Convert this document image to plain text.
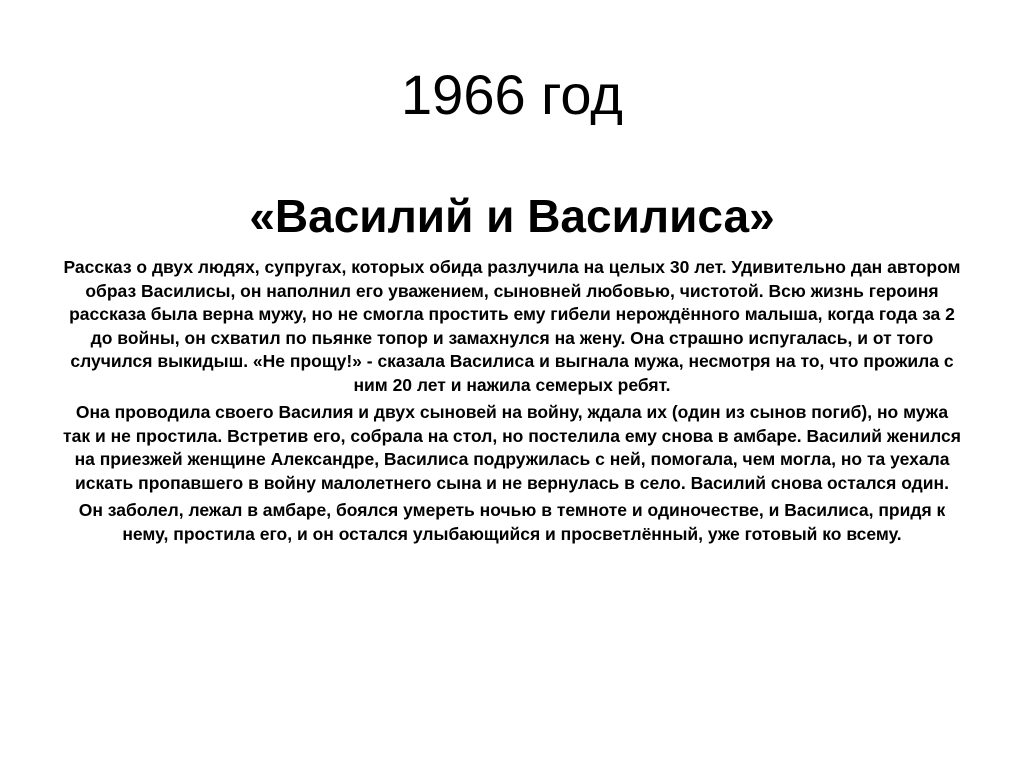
1966 год
«Василий и Василиса»

Рассказ о двух людях, супругах, которых обида разлучила на целых 30 лет. Удивительно дан автором образ Василисы, он наполнил его уважением, сыновней любовью, чистотой. Всю жизнь героиня рассказа была верна мужу, но не смогла простить ему гибели нерождённого малыша, когда года за 2 до войны, он схватил по пьянке топор и замахнулся на жену. Она страшно испугалась, и от того случился выкидыш. «Не прощу!» - сказала Василиса и выгнала мужа, несмотря на то, что прожила с ним 20 лет и нажила семерых ребят.

Она проводила своего Василия и двух сыновей на войну, ждала их (один из сынов погиб), но мужа так и не простила. Встретив его, собрала на стол, но постелила ему снова в амбаре. Василий женился на приезжей женщине Александре, Василиса подружилась с ней, помогала, чем могла, но та уехала искать пропавшего в войну малолетнего сына и не вернулась в село. Василий снова остался один.

Он заболел, лежал в амбаре, боялся умереть ночью в темноте и одиночестве, и Василиса, придя к нему, простила его, и он остался улыбающийся и просветлённый, уже готовый ко всему.
